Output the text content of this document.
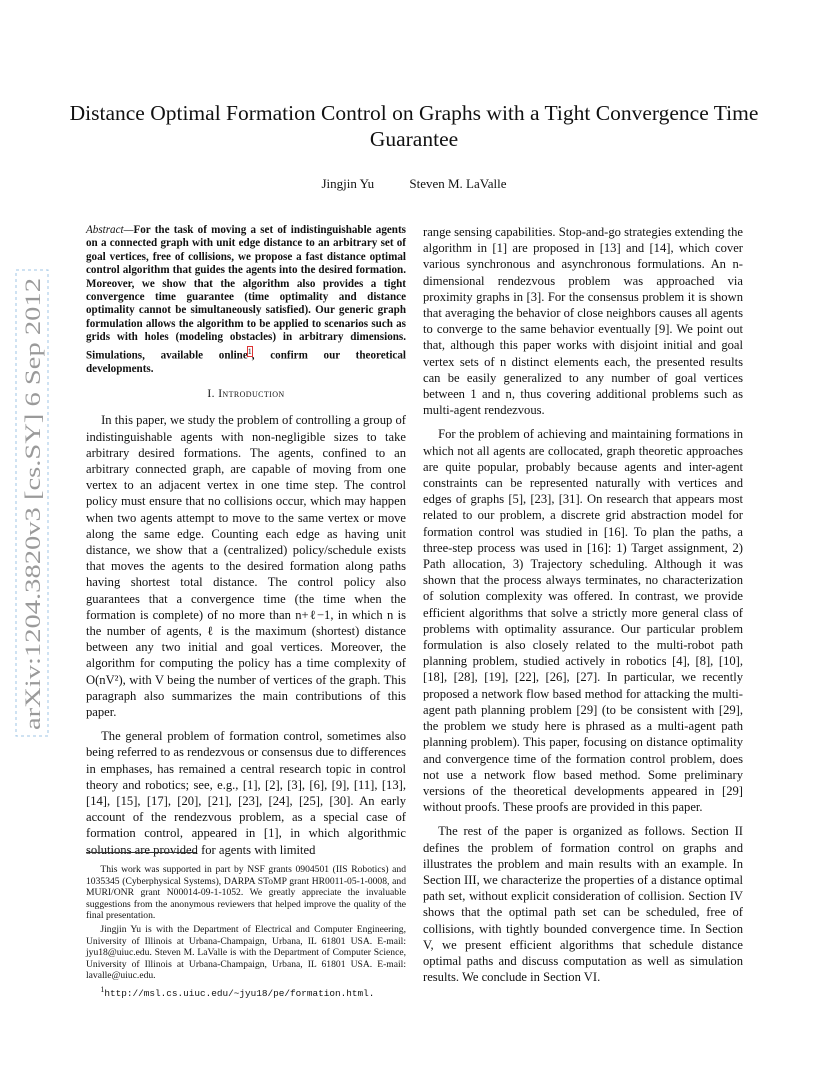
arXiv:1204.3820v3 [cs.SY] 6 Sep 2012
Distance Optimal Formation Control on Graphs with a Tight Convergence Time Guarantee
Jingjin Yu	Steven M. LaValle

Abstract—For the task of moving a set of indistinguishable agents on a connected graph with unit edge distance to an arbitrary set of goal vertices, free of collisions, we propose a fast distance optimal control algorithm that guides the agents into the desired formation. Moreover, we show that the algorithm also provides a tight convergence time guarantee (time optimality and distance optimality cannot be simultaneously satisfied). Our generic graph formulation allows the algorithm to be applied to scenarios such as grids with holes (modeling obstacles) in arbitrary dimensions. Simulations, available online$^1$, confirm our theoretical developments.

I. Introduction

In this paper, we study the problem of controlling a group of indistinguishable agents with non-negligible sizes to take arbitrary desired formations. The agents, confined to an arbitrary connected graph, are capable of moving from one vertex to an adjacent vertex in one time step. The control policy must ensure that no collisions occur, which may happen when two agents attempt to move to the same vertex or move along the same edge. Counting each edge as having unit distance, we show that a (centralized) policy/schedule exists that moves the agents to the desired formation along paths having shortest total distance. The control policy also guarantees that a convergence time (the time when the formation is complete) of no more than n+ℓ−1, in which n is the number of agents, ℓ is the maximum (shortest) distance between any two initial and goal vertices. Moreover, the algorithm for computing the policy has a time complexity of O(nV²), with V being the number of vertices of the graph. This paragraph also summarizes the main contributions of this paper.

The general problem of formation control, sometimes also being referred to as rendezvous or consensus due to differences in emphases, has remained a central research topic in control theory and robotics; see, e.g., [1], [2], [3], [6], [9], [11], [13], [14], [15], [17], [20], [21], [23], [24], [25], [30]. An early account of the rendezvous problem, as a special case of formation control, appeared in [1], in which algorithmic solutions are provided for agents with limited

This work was supported in part by NSF grants 0904501 (IIS Robotics) and 1035345 (Cyberphysical Systems), DARPA SToMP grant HR0011-05-1-0008, and MURI/ONR grant N00014-09-1-1052. We greatly appreciate the invaluable suggestions from the anonymous reviewers that helped improve the quality of the final presentation.

Jingjin Yu is with the Department of Electrical and Computer Engineering, University of Illinois at Urbana-Champaign, Urbana, IL 61801 USA. E-mail: jyu18@uiuc.edu. Steven M. LaValle is with the Department of Computer Science, University of Illinois at Urbana-Champaign, Urbana, IL 61801 USA. E-mail: lavalle@uiuc.edu.

$^1$http://msl.cs.uiuc.edu/~jyu18/pe/formation.html.

range sensing capabilities. Stop-and-go strategies extending the algorithm in [1] are proposed in [13] and [14], which cover various synchronous and asynchronous formulations. An n-dimensional rendezvous problem was approached via proximity graphs in [3]. For the consensus problem it is shown that averaging the behavior of close neighbors causes all agents to converge to the same behavior eventually [9]. We point out that, although this paper works with disjoint initial and goal vertex sets of n distinct elements each, the presented results can be easily generalized to any number of goal vertices between 1 and n, thus covering additional problems such as multi-agent rendezvous.

For the problem of achieving and maintaining formations in which not all agents are collocated, graph theoretic approaches are quite popular, probably because agents and inter-agent constraints can be represented naturally with vertices and edges of graphs [5], [23], [31]. On research that appears most related to our problem, a discrete grid abstraction model for formation control was studied in [16]. To plan the paths, a three-step process was used in [16]: 1) Target assignment, 2) Path allocation, 3) Trajectory scheduling. Although it was shown that the process always terminates, no characterization of solution complexity was offered. In contrast, we provide efficient algorithms that solve a strictly more general class of problems with optimality assurance. Our particular problem formulation is also closely related to the multi-robot path planning problem, studied actively in robotics [4], [8], [10], [18], [28], [19], [22], [26], [27]. In particular, we recently proposed a network flow based method for attacking the multi-agent path planning problem [29] (to be consistent with [29], the problem we study here is phrased as a multi-agent path planning problem). This paper, focusing on distance optimality and convergence time of the formation control problem, does not use a network flow based method. Some preliminary versions of the theoretical developments appeared in [29] without proofs. These proofs are provided in this paper.

The rest of the paper is organized as follows. Section II defines the problem of formation control on graphs and illustrates the problem and main results with an example. In Section III, we characterize the properties of a distance optimal path set, without explicit consideration of collision. Section IV shows that the optimal path set can be scheduled, free of collisions, with tightly bounded convergence time. In Section V, we present efficient algorithms that schedule distance optimal paths and discuss computation as well as simulation results. We conclude in Section VI.
